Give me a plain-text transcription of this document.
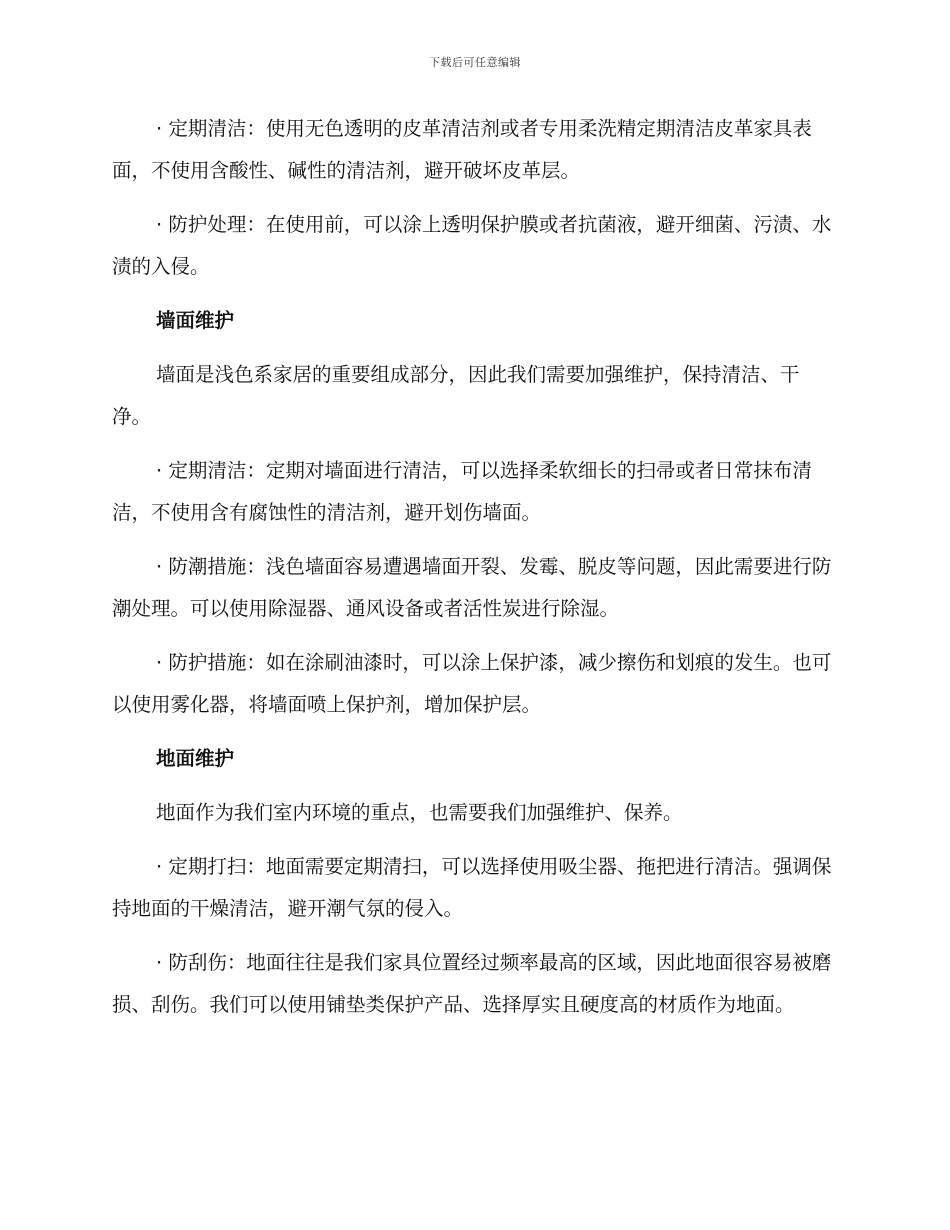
下载后可任意编辑

· 定期清洁：使用无色透明的皮革清洁剂或者专用柔洗精定期清洁皮革家具表面，不使用含酸性、碱性的清洁剂，避开破坏皮革层。

· 防护处理：在使用前，可以涂上透明保护膜或者抗菌液，避开细菌、污渍、水渍的入侵。

墙面维护

墙面是浅色系家居的重要组成部分，因此我们需要加强维护，保持清洁、干净。

· 定期清洁：定期对墙面进行清洁，可以选择柔软细长的扫帚或者日常抹布清洁，不使用含有腐蚀性的清洁剂，避开划伤墙面。

· 防潮措施：浅色墙面容易遭遇墙面开裂、发霉、脱皮等问题，因此需要进行防潮处理。可以使用除湿器、通风设备或者活性炭进行除湿。

· 防护措施：如在涂刷油漆时，可以涂上保护漆，减少擦伤和划痕的发生。也可以使用雾化器，将墙面喷上保护剂，增加保护层。

地面维护

地面作为我们室内环境的重点，也需要我们加强维护、保养。

· 定期打扫：地面需要定期清扫，可以选择使用吸尘器、拖把进行清洁。强调保持地面的干燥清洁，避开潮气氛的侵入。

· 防刮伤：地面往往是我们家具位置经过频率最高的区域，因此地面很容易被磨损、刮伤。我们可以使用铺垫类保护产品、选择厚实且硬度高的材质作为地面。
